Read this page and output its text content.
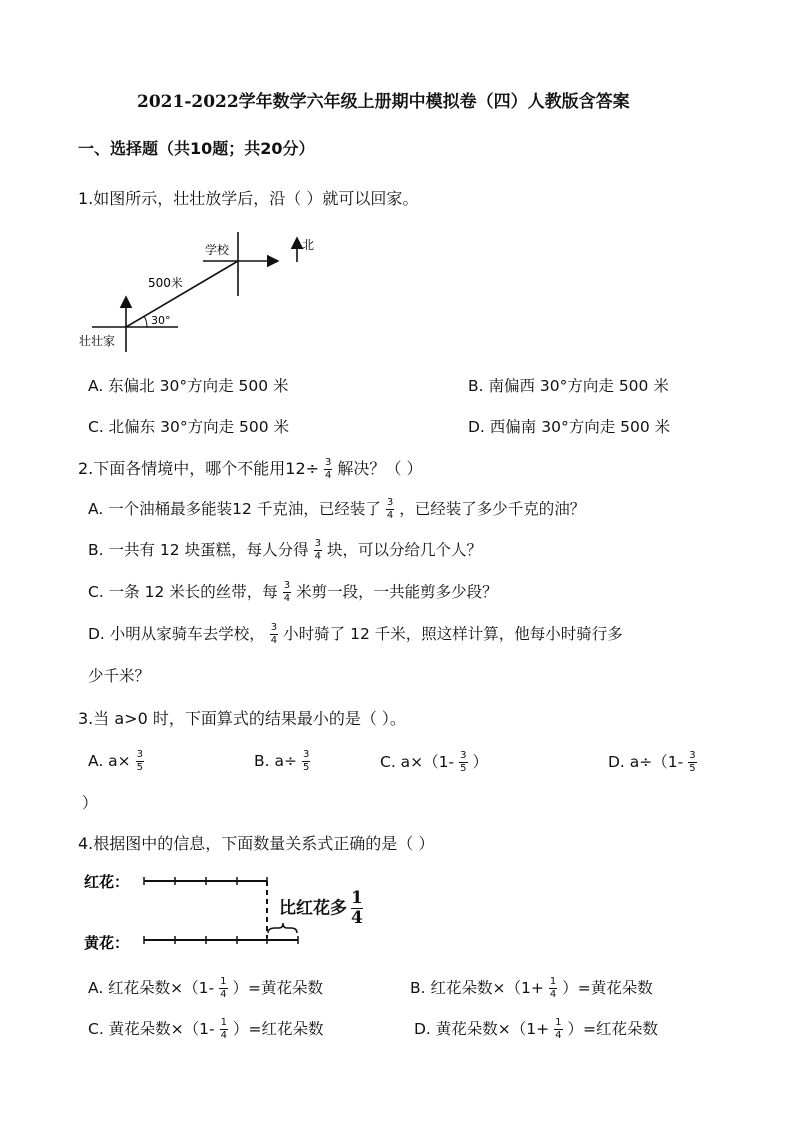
2021-2022学年数学六年级上册期中模拟卷（四）人教版含答案
一、选择题（共10题；共20分）
1.如图所示，壮壮放学后，沿（ ）就可以回家。
北
30°
500米
学校
壮壮家
A. 东偏北 30°方向走 500 米	B. 南偏西 30°方向走 500 米
C. 北偏东 30°方向走 500 米	D. 西偏南 30°方向走 500 米
2.下面各情境中，哪个不能用$12\div \frac{3}{4}$ 解决？（ ）
A. 一个油桶最多能装12 千克油，已经装了 $\frac{3}{4}$ ，已经装了多少千克的油？
B. 一共有 12 块蛋糕，每人分得 $\frac{3}{4}$ 块，可以分给几个人？
C. 一条 12 米长的丝带，每 $\frac{3}{4}$ 米剪一段，一共能剪多少段？
D. 小明从家骑车去学校， $\frac{3}{4}$ 小时骑了 12 千米，照这样计算，他每小时骑行多
少千米？
3.当 a>0 时，下面算式的结果最小的是（ ）。
A. $a\times \frac{3}{5}$	B. $a\div \frac{3}{5}$	C. $a\times(1- \frac{3}{5}$ ）	D. $a\div(1- \frac{3}{5}$
）
4.根据图中的信息，下面数量关系式正确的是（ ）
红花：
黄花：
比红花多 $\frac{1}{4}$
A. 红花朵数$\times(1- \frac{1}{4}$ ）=黄花朵数	B. 红花朵数$\times(1+ \frac{1}{4}$ ）=黄花朵数
C. 黄花朵数$\times(1- \frac{1}{4}$ ）=红花朵数	D. 黄花朵数$\times(1+ \frac{1}{4}$ ）=红花朵数
